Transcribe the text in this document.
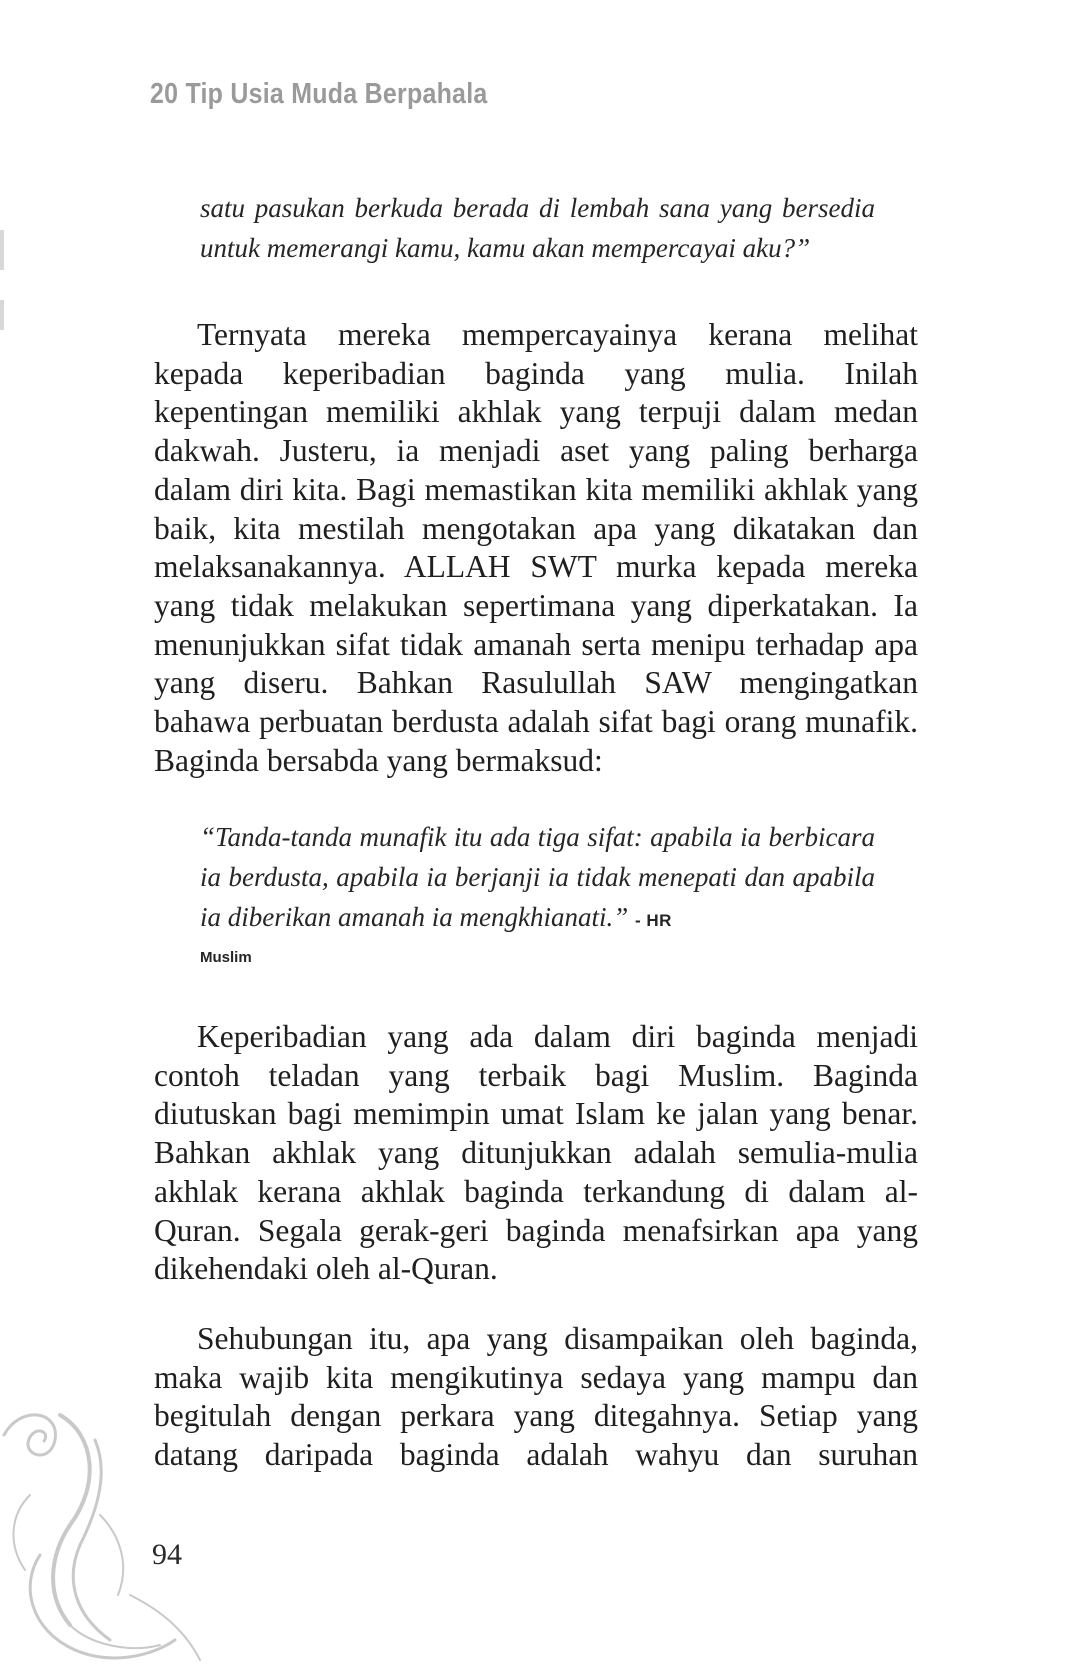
20 Tip Usia Muda Berpahala
satu pasukan berkuda berada di lembah sana yang bersedia untuk memerangi kamu, kamu akan mempercayai aku?”

Ternyata mereka mempercayainya kerana melihat kepada keperibadian baginda yang mulia. Inilah kepentingan memiliki akhlak yang terpuji dalam medan dakwah. Justeru, ia menjadi aset yang paling berharga dalam diri kita. Bagi memastikan kita memiliki akhlak yang baik, kita mestilah mengotakan apa yang dikatakan dan melaksanakannya. ALLAH SWT murka kepada mereka yang tidak melakukan sepertimana yang diperkatakan. Ia menunjukkan sifat tidak amanah serta menipu terhadap apa yang diseru. Bahkan Rasulullah SAW mengingatkan bahawa perbuatan berdusta adalah sifat bagi orang munafik. Baginda bersabda yang bermaksud:

“Tanda-tanda munafik itu ada tiga sifat: apabila ia berbicara ia berdusta, apabila ia berjanji ia tidak menepati dan apabila ia diberikan amanah ia mengkhianati.” - HR
Muslim

Keperibadian yang ada dalam diri baginda menjadi contoh teladan yang terbaik bagi Muslim. Baginda diutuskan bagi memimpin umat Islam ke jalan yang benar. Bahkan akhlak yang ditunjukkan adalah semulia-mulia akhlak kerana akhlak baginda terkandung di dalam al-Quran. Segala gerak-geri baginda menafsirkan apa yang dikehendaki oleh al-Quran.

Sehubungan itu, apa yang disampaikan oleh baginda, maka wajib kita mengikutinya sedaya yang mampu dan begitulah dengan perkara yang ditegahnya. Setiap yang datang daripada baginda adalah wahyu dan suruhan

94
